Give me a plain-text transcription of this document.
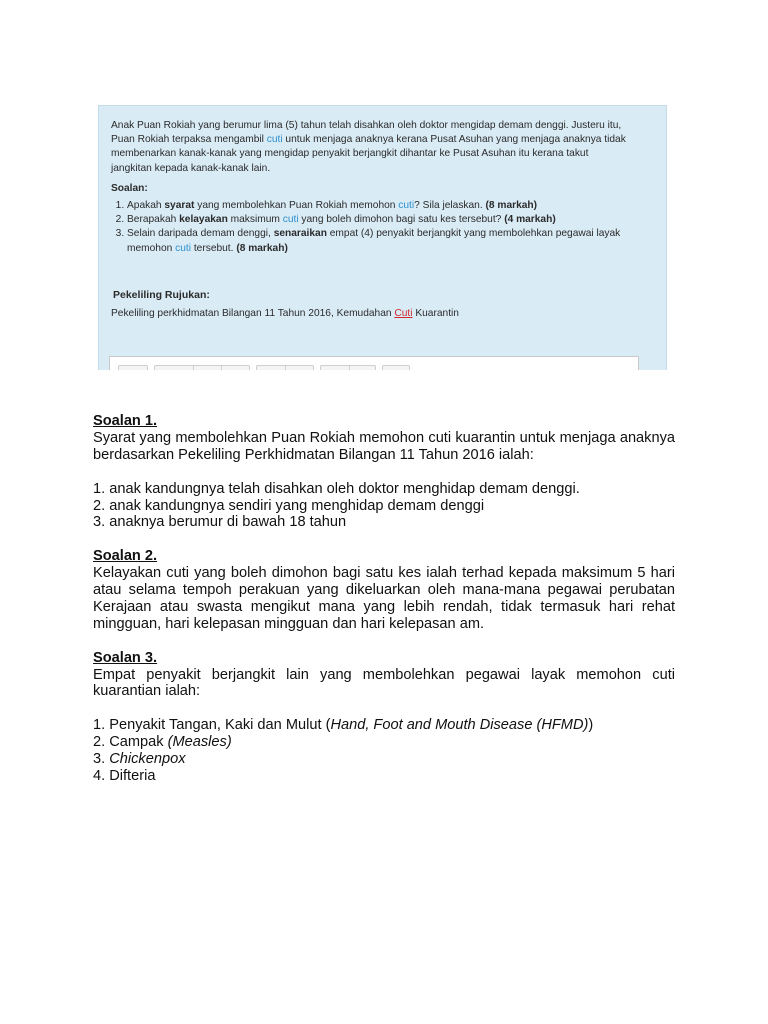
Anak Puan Rokiah yang berumur lima (5) tahun telah disahkan oleh doktor mengidap demam denggi. Justeru itu, Puan Rokiah terpaksa mengambil cuti untuk menjaga anaknya kerana Pusat Asuhan yang menjaga anaknya tidak membenarkan kanak-kanak yang mengidap penyakit berjangkit dihantar ke Pusat Asuhan itu kerana takut jangkitan kepada kanak-kanak lain.

Soalan:

1. Apakah syarat yang membolehkan Puan Rokiah memohon cuti? Sila jelaskan. (8 markah)
2. Berapakah kelayakan maksimum cuti yang boleh dimohon bagi satu kes tersebut? (4 markah)
3. Selain daripada demam denggi, senaraikan empat (4) penyakit berjangkit yang membolehkan pegawai layak memohon cuti tersebut. (8 markah)

Pekeliling Rujukan:

Pekeliling perkhidmatan Bilangan 11 Tahun 2016, Kemudahan Cuti Kuarantin

Soalan 1.

Syarat yang membolehkan Puan Rokiah memohon cuti kuarantin untuk menjaga anaknya berdasarkan Pekeliling Perkhidmatan Bilangan 11 Tahun 2016 ialah:

1. anak kandungnya telah disahkan oleh doktor menghidap demam denggi.

2. anak kandungnya sendiri yang menghidap demam denggi

3. anaknya berumur di bawah 18 tahun

Soalan 2.

Kelayakan cuti yang boleh dimohon bagi satu kes ialah terhad kepada maksimum 5 hari atau selama tempoh perakuan yang dikeluarkan oleh mana-mana pegawai perubatan Kerajaan atau swasta mengikut mana yang lebih rendah, tidak termasuk hari rehat mingguan, hari kelepasan mingguan dan hari kelepasan am.

Soalan 3.

Empat penyakit berjangkit lain yang membolehkan pegawai layak memohon cuti kuarantian ialah:

1. Penyakit Tangan, Kaki dan Mulut (Hand, Foot and Mouth Disease (HFMD))

2. Campak (Measles)

3. Chickenpox

4. Difteria
